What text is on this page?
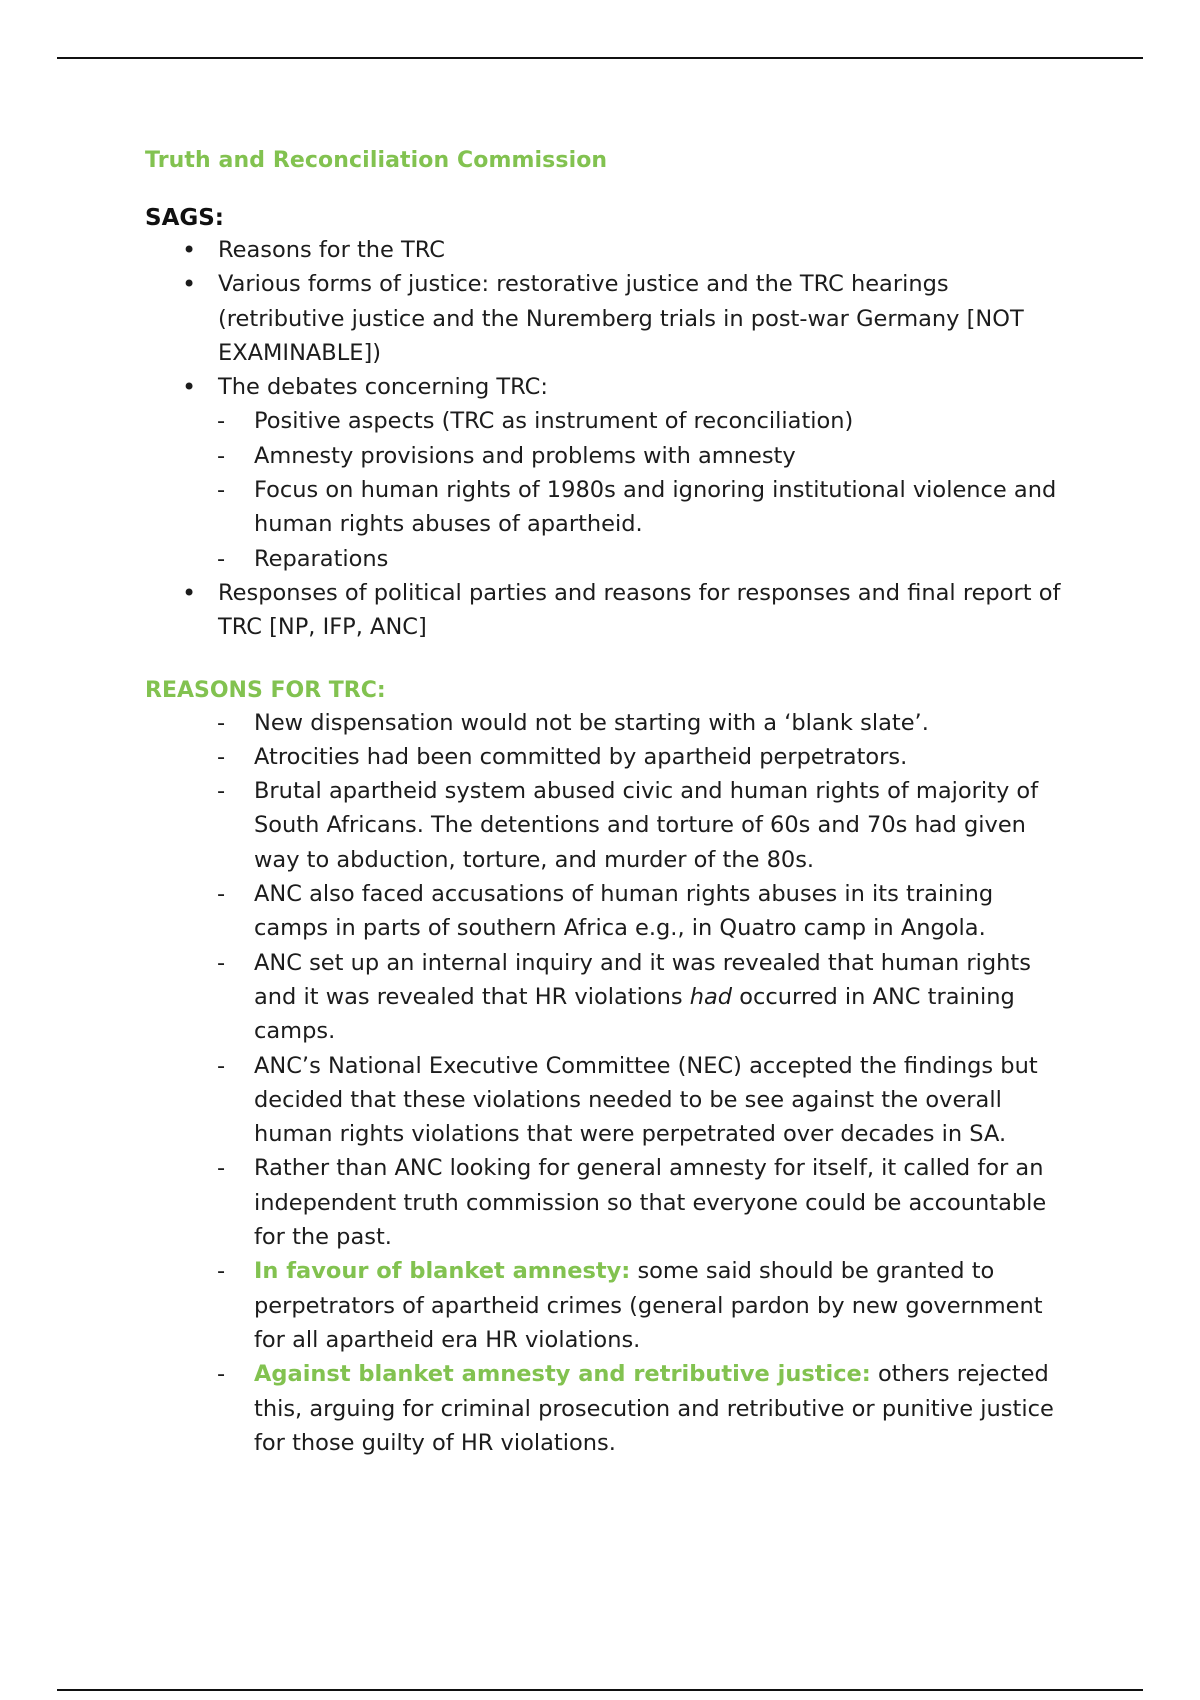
Truth and Reconciliation Commission
SAGS:
• Reasons for the TRC
• Various forms of justice: restorative justice and the TRC hearings (retributive justice and the Nuremberg trials in post-war Germany [NOT EXAMINABLE])
• The debates concerning TRC:
- Positive aspects (TRC as instrument of reconciliation)
- Amnesty provisions and problems with amnesty
- Focus on human rights of 1980s and ignoring institutional violence and human rights abuses of apartheid.
- Reparations
• Responses of political parties and reasons for responses and final report of TRC [NP, IFP, ANC]
REASONS FOR TRC:
- New dispensation would not be starting with a ‘blank slate’.
- Atrocities had been committed by apartheid perpetrators.
- Brutal apartheid system abused civic and human rights of majority of South Africans. The detentions and torture of 60s and 70s had given way to abduction, torture, and murder of the 80s.
- ANC also faced accusations of human rights abuses in its training camps in parts of southern Africa e.g., in Quatro camp in Angola.
- ANC set up an internal inquiry and it was revealed that human rights and it was revealed that HR violations had occurred in ANC training camps.
- ANC’s National Executive Committee (NEC) accepted the findings but decided that these violations needed to be see against the overall human rights violations that were perpetrated over decades in SA.
- Rather than ANC looking for general amnesty for itself, it called for an independent truth commission so that everyone could be accountable for the past.
- In favour of blanket amnesty: some said should be granted to perpetrators of apartheid crimes (general pardon by new government for all apartheid era HR violations.
- Against blanket amnesty and retributive justice: others rejected this, arguing for criminal prosecution and retributive or punitive justice for those guilty of HR violations.
